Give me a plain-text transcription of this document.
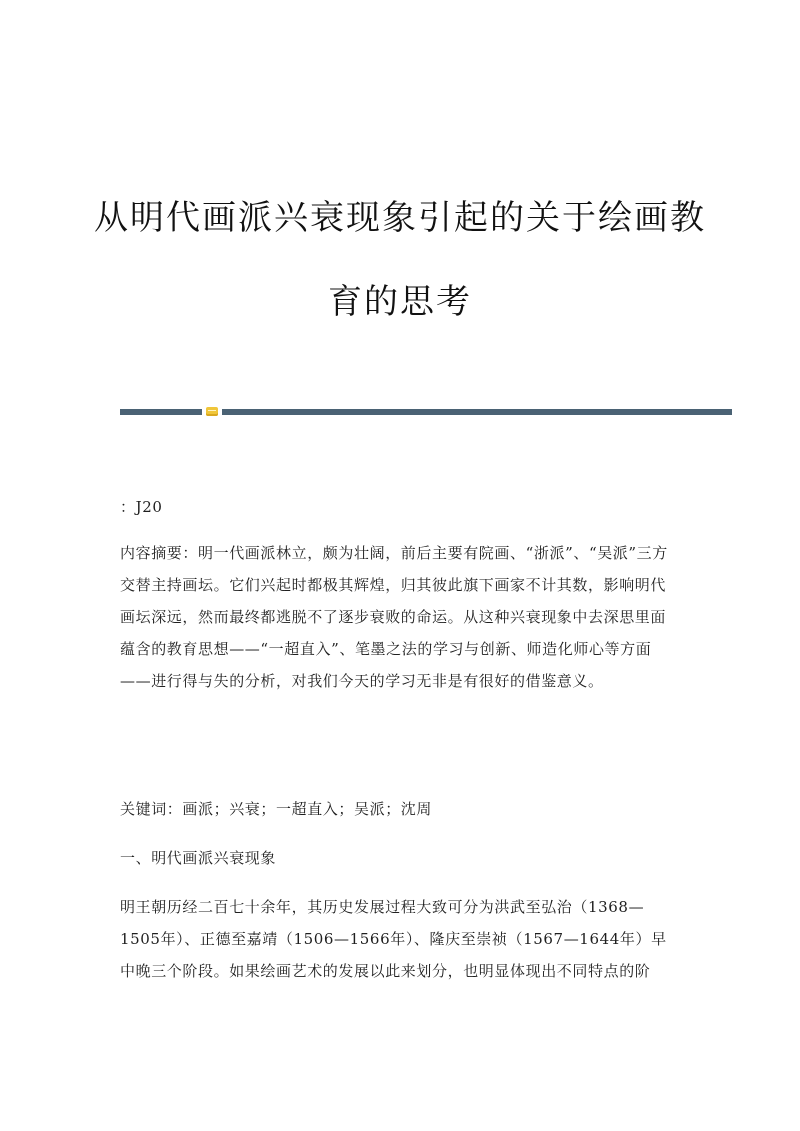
从明代画派兴衰现象引起的关于绘画教
育的思考

：J20

内容摘要：明一代画派林立，颇为壮阔，前后主要有院画、“浙派”、“吴派”三方交替主持画坛。它们兴起时都极其辉煌，归其彼此旗下画家不计其数，影响明代画坛深远，然而最终都逃脱不了逐步衰败的命运。从这种兴衰现象中去深思里面蕴含的教育思想——“一超直入”、笔墨之法的学习与创新、师造化师心等方面——进行得与失的分析，对我们今天的学习无非是有很好的借鉴意义。

关键词：画派；兴衰；一超直入；吴派；沈周

一、明代画派兴衰现象

明王朝历经二百七十余年，其历史发展过程大致可分为洪武至弘治（1368—1505年）、正德至嘉靖（1506—1566年）、隆庆至崇祯（1567—1644年）早中晚三个阶段。如果绘画艺术的发展以此来划分，也明显体现出不同特点的阶
